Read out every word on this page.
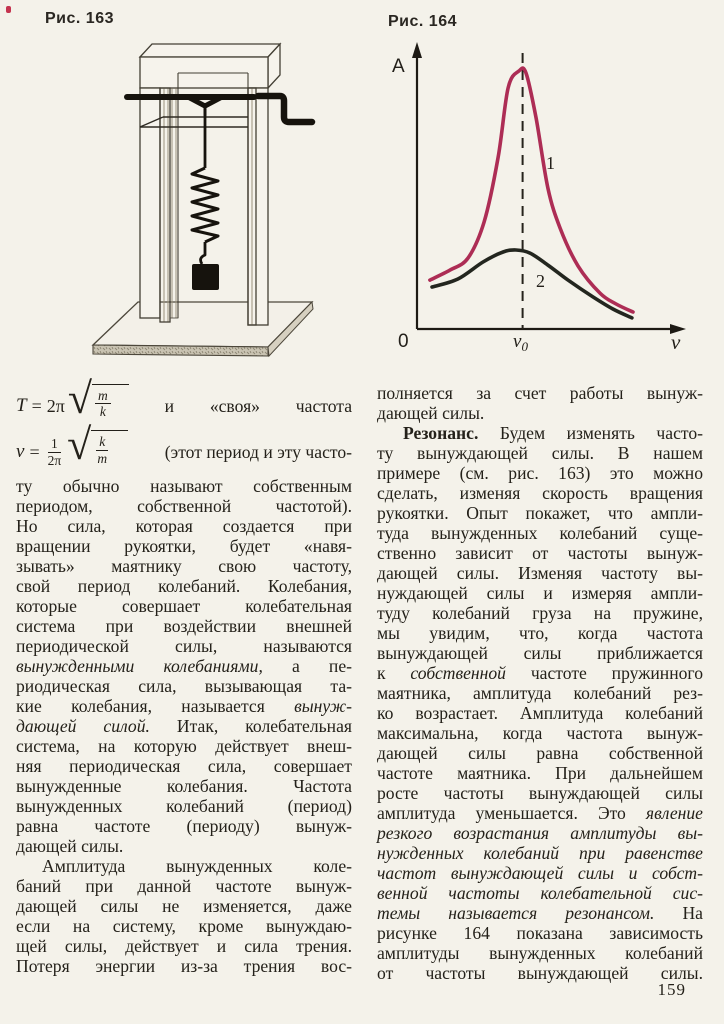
Рис. 163	Рис. 164
A
0	ν
$\nu_0$
1
2
T = 2π √ $\frac{m}{k}$	и «своя» частота
$\nu = \frac{1}{2\pi}$ √ $\frac{k}{m}$	(этот период и эту часто-
ту обычно называют собственным
периодом, собственной частотой).
Но сила, которая создается при
вращении рукоятки, будет «навя-
зывать» маятнику свою частоту,
свой период колебаний. Колебания,
которые совершает колебательная
система при воздействии внешней
периодической силы, называются
вынужденными колебаниями, а пе-
риодическая сила, вызывающая та-
кие колебания, называется вынуж-
дающей силой. Итак, колебательная
система, на которую действует внеш-
няя периодическая сила, совершает
вынужденные колебания. Частота
вынужденных колебаний (период)
равна частоте (периоду) вынуж-
дающей силы.
Амплитуда вынужденных коле-
баний при данной частоте вынуж-
дающей силы не изменяется, даже
если на систему, кроме вынуждаю-
щей силы, действует и сила трения.
Потеря энергии из-за трения вос-
полняется за счет работы вынуж-
дающей силы.
Резонанс. Будем изменять часто-
ту вынуждающей силы. В нашем
примере (см. рис. 163) это можно
сделать, изменяя скорость вращения
рукоятки. Опыт покажет, что ампли-
туда вынужденных колебаний суще-
ственно зависит от частоты вынуж-
дающей силы. Изменяя частоту вы-
нуждающей силы и измеряя ампли-
туду колебаний груза на пружине,
мы увидим, что, когда частота
вынуждающей силы приближается
к собственной частоте пружинного
маятника, амплитуда колебаний рез-
ко возрастает. Амплитуда колебаний
максимальна, когда частота вынуж-
дающей силы равна собственной
частоте маятника. При дальнейшем
росте частоты вынуждающей силы
амплитуда уменьшается. Это явление
резкого возрастания амплитуды вы-
нужденных колебаний при равенстве
частот вынуждающей силы и собст-
венной частоты колебательной сис-
темы называется резонансом. На
рисунке 164 показана зависимость
амплитуды вынужденных колебаний
от частоты вынуждающей силы.
159
